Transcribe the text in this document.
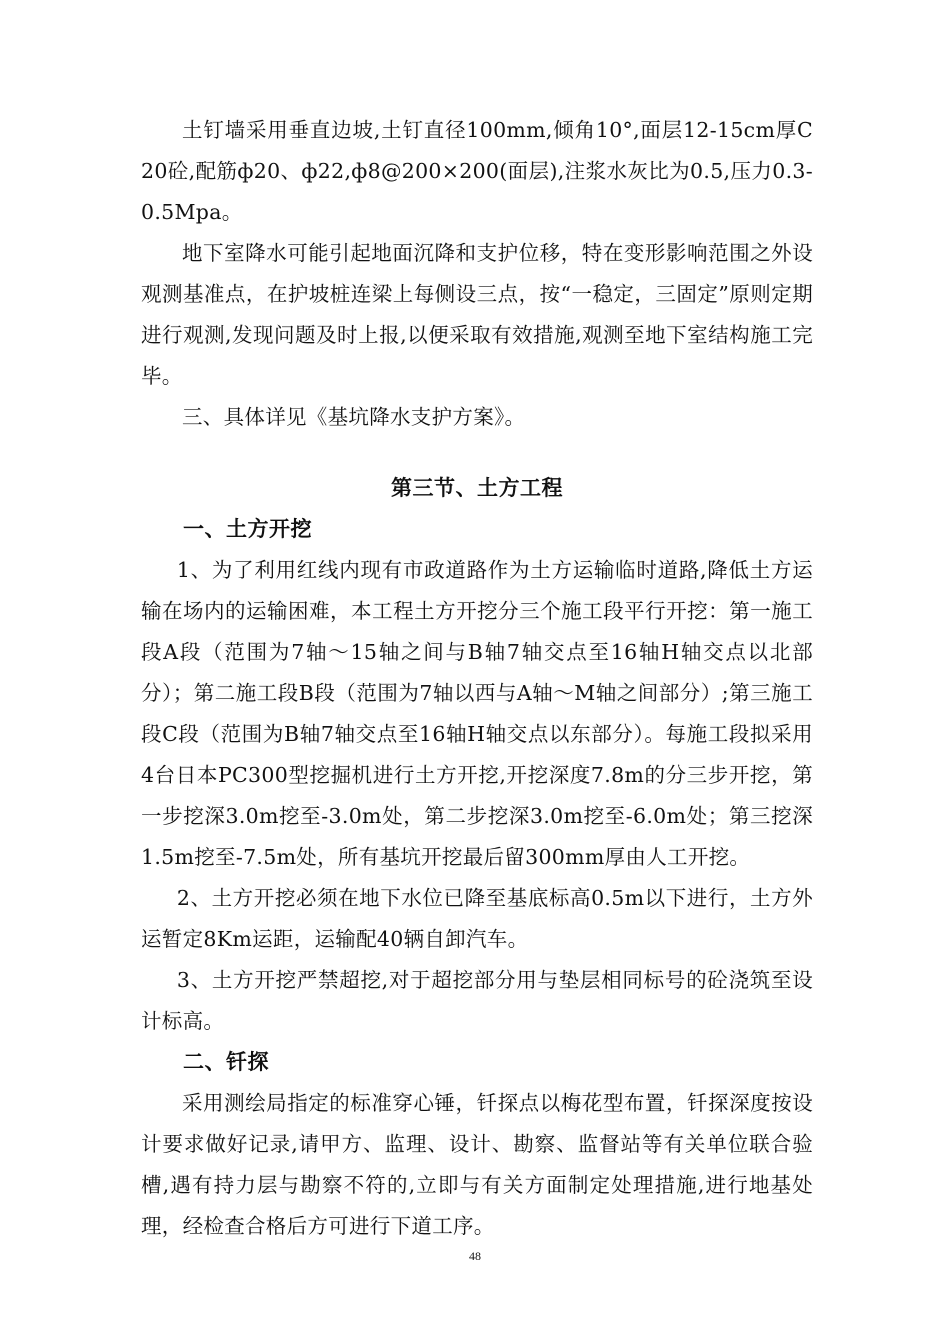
土钉墙采用垂直边坡,土钉直径100mm,倾角10°,面层12-15cm厚C20砼,配筋ф20、ф22,ф8@200×200(面层),注浆水灰比为0.5,压力0.3-0.5Mpa。

地下室降水可能引起地面沉降和支护位移，特在变形影响范围之外设观测基准点，在护坡桩连梁上每侧设三点，按“一稳定，三固定”原则定期进行观测,发现问题及时上报,以便采取有效措施,观测至地下室结构施工完毕。

三、具体详见《基坑降水支护方案》。

第三节、土方工程
一、土方开挖

1、为了利用红线内现有市政道路作为土方运输临时道路,降低土方运输在场内的运输困难，本工程土方开挖分三个施工段平行开挖：第一施工段A段（范围为7轴～15轴之间与B轴7轴交点至16轴H轴交点以北部分）；第二施工段B段（范围为7轴以西与A轴～M轴之间部分）;第三施工段C段（范围为B轴7轴交点至16轴H轴交点以东部分）。每施工段拟采用4台日本PC300型挖掘机进行土方开挖,开挖深度7.8m的分三步开挖，第一步挖深3.0m挖至-3.0m处，第二步挖深3.0m挖至-6.0m处；第三挖深1.5m挖至-7.5m处，所有基坑开挖最后留300mm厚由人工开挖。

2、土方开挖必须在地下水位已降至基底标高0.5m以下进行，土方外运暂定8Km运距，运输配40辆自卸汽车。

3、土方开挖严禁超挖,对于超挖部分用与垫层相同标号的砼浇筑至设计标高。

二、钎探

采用测绘局指定的标准穿心锤，钎探点以梅花型布置，钎探深度按设计要求做好记录,请甲方、监理、设计、勘察、监督站等有关单位联合验槽,遇有持力层与勘察不符的,立即与有关方面制定处理措施,进行地基处理，经检查合格后方可进行下道工序。

48
